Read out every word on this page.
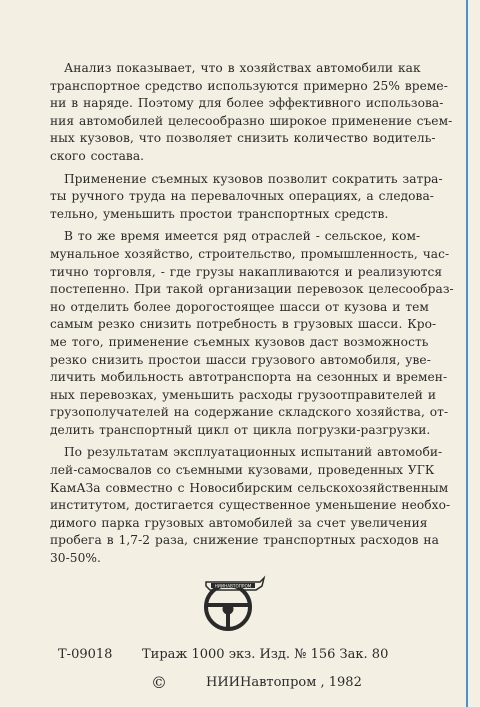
Анализ показывает, что в хозяйствах автомобили как
транспортное средство используются примерно 25% време-
ни в наряде. Поэтому для более эффективного использова-
ния автомобилей целесообразно широкое применение съем-
ных кузовов, что позволяет снизить количество водитель-
ского состава.
Применение съемных кузовов позволит сократить затра-
ты ручного труда на перевалочных операциях, а следова-
тельно, уменьшить простои транспортных средств.
В то же время имеется ряд отраслей - сельское, ком-
мунальное хозяйство, строительство, промышленность, час-
тично торговля, - где грузы накапливаются и реализуются
постепенно. При такой организации перевозок целесообраз-
но отделить более дорогостоящее шасси от кузова и тем
самым резко снизить потребность в грузовых шасси. Кро-
ме того, применение съемных кузовов даст возможность
резко снизить простои шасси грузового автомобиля, уве-
личить мобильность автотранспорта на сезонных и времен-
ных перевозках, уменьшить расходы грузоотправителей и
грузополучателей на содержание складского хозяйства, от-
делить транспортный цикл от цикла погрузки-разгрузки.
По результатам эксплуатационных испытаний автомоби-
лей-самосвалов со съемными кузовами, проведенных УГК
КамАЗа совместно с Новосибирским сельскохозяйственным
институтом, достигается существенное уменьшение необхо-
димого парка грузовых автомобилей за счет увеличения
пробега в 1,7-2 раза, снижение транспортных расходов на
30-50%.
НИИНАВТОПРОМ
Т-09018	Тираж 1000 экз. Изд. № 156 Зак. 80
©	НИИНавтопром , 1982
